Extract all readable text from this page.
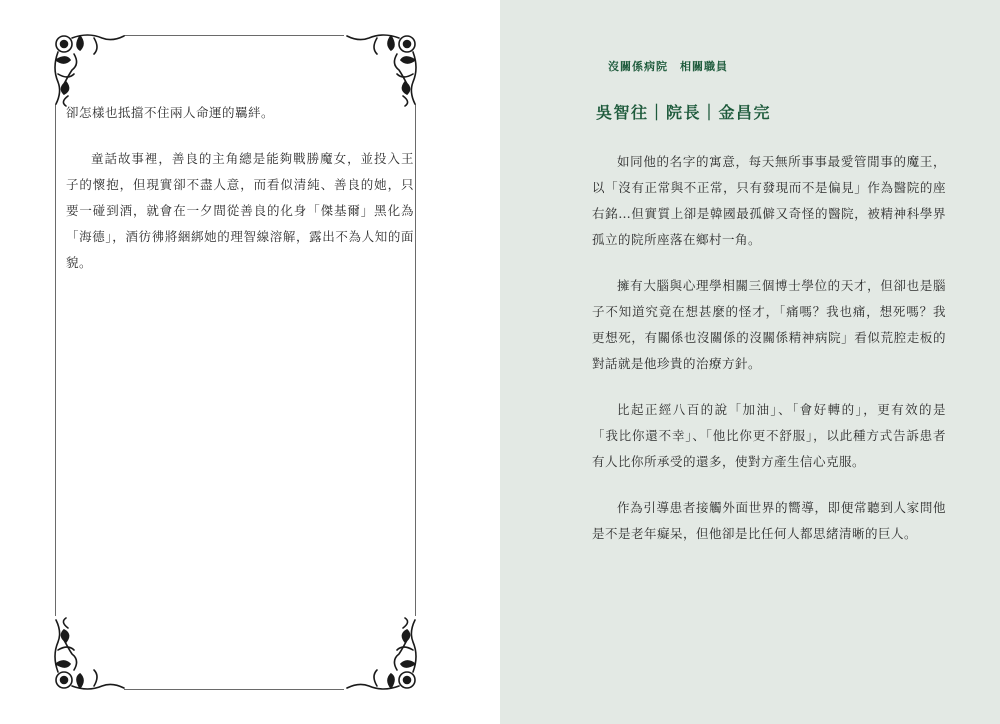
卻怎樣也抵擋不住兩人命運的羈絆。

童話故事裡，善良的主角總是能夠戰勝魔女，並投入王子的懷抱，但現實卻不盡人意，而看似清純、善良的她，只要一碰到酒，就會在一夕間從善良的化身「傑基爾」黑化為「海德」，酒彷彿將綑綁她的理智線溶解，露出不為人知的面貌。

沒關係病院　相關職員

吳智往｜院長｜金昌完

如同他的名字的寓意，每天無所事事最愛管閒事的魔王，以「沒有正常與不正常，只有發現而不是偏見」作為醫院的座右銘…但實質上卻是韓國最孤僻又奇怪的醫院，被精神科學界孤立的院所座落在鄉村一角。

擁有大腦與心理學相關三個博士學位的天才，但卻也是腦子不知道究竟在想甚麼的怪才，「痛嗎？我也痛，想死嗎？我更想死，有關係也沒關係的沒關係精神病院」看似荒腔走板的對話就是他珍貴的治療方針。

比起正經八百的說「加油」、「會好轉的」，更有效的是「我比你還不幸」、「他比你更不舒服」，以此種方式告訴患者有人比你所承受的還多，使對方產生信心克服。

作為引導患者接觸外面世界的嚮導，即便常聽到人家問他是不是老年癡呆，但他卻是比任何人都思緒清晰的巨人。
